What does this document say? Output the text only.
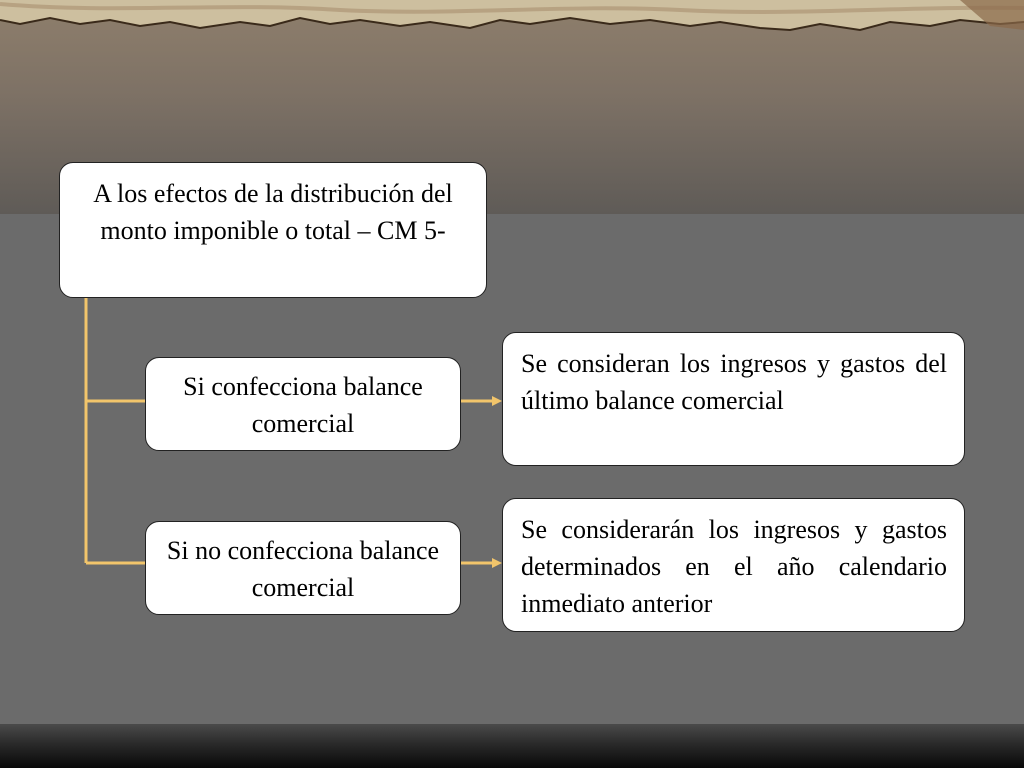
A los efectos de la distribución del monto imponible o total – CM 5-
Si confecciona balance comercial
Si no confecciona balance comercial
Se consideran los ingresos y gastos del último balance comercial
Se considerarán los ingresos y gastos determinados en el año calendario inmediato anterior
